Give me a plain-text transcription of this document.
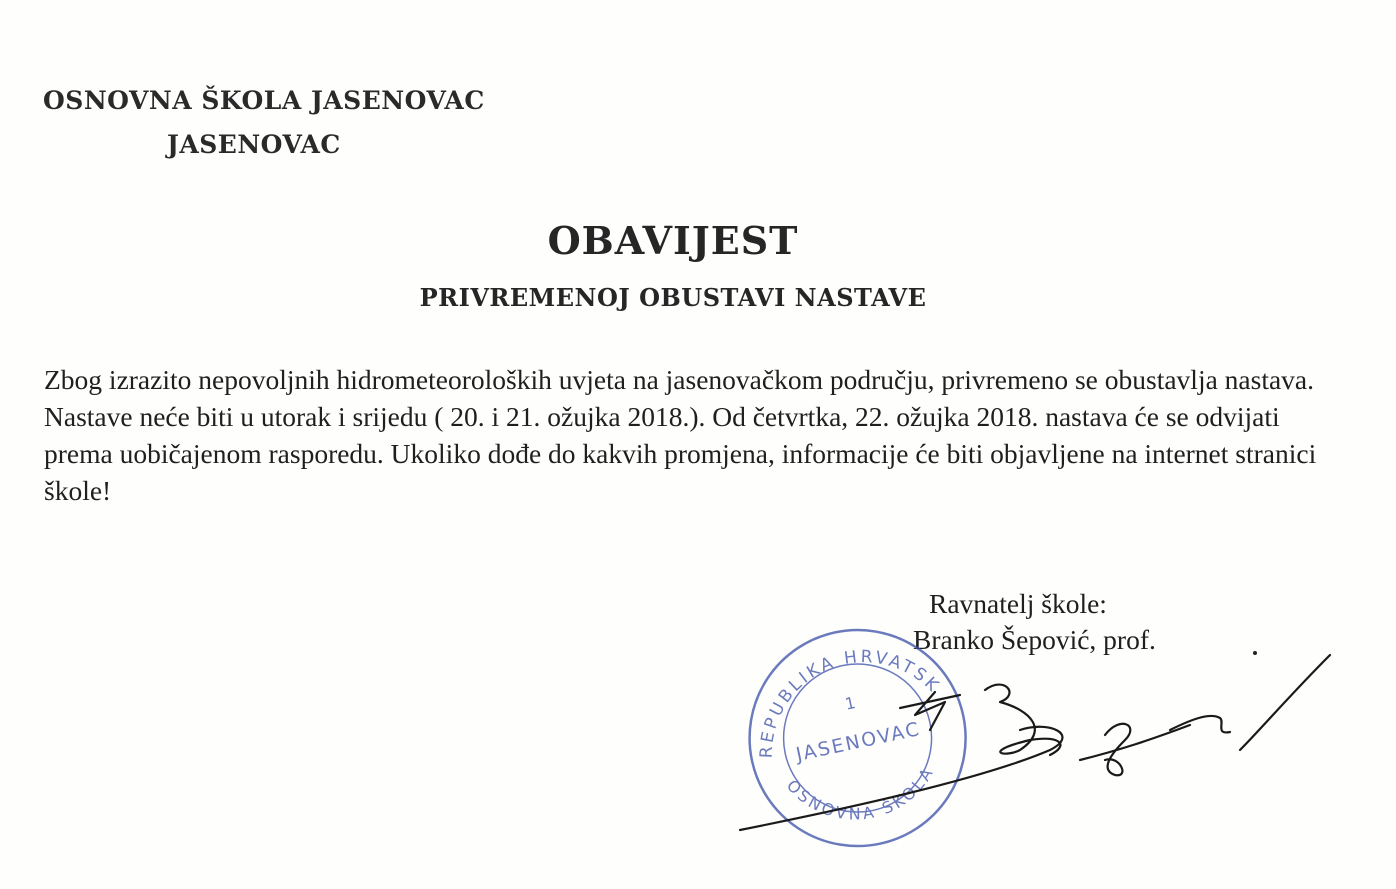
OSNOVNA ŠKOLA JASENOVAC
JASENOVAC
OBAVIJEST
PRIVREMENOJ OBUSTAVI NASTAVE
Zbog izrazito nepovoljnih hidrometeoroloških uvjeta na jasenovačkom području, privremeno se obustavlja nastava. Nastave neće biti u utorak i srijedu ( 20. i 21. ožujka 2018.). Od četvrtka, 22. ožujka 2018. nastava će se odvijati prema uobičajenom rasporedu. Ukoliko dođe do kakvih promjena, informacije će biti objavljene na internet stranici škole!
Ravnatelj škole:
Branko Šepović, prof.
REPUBLIKA HRVATSKA
OSNOVNA ŠKOLA
1
JASENOVAC
